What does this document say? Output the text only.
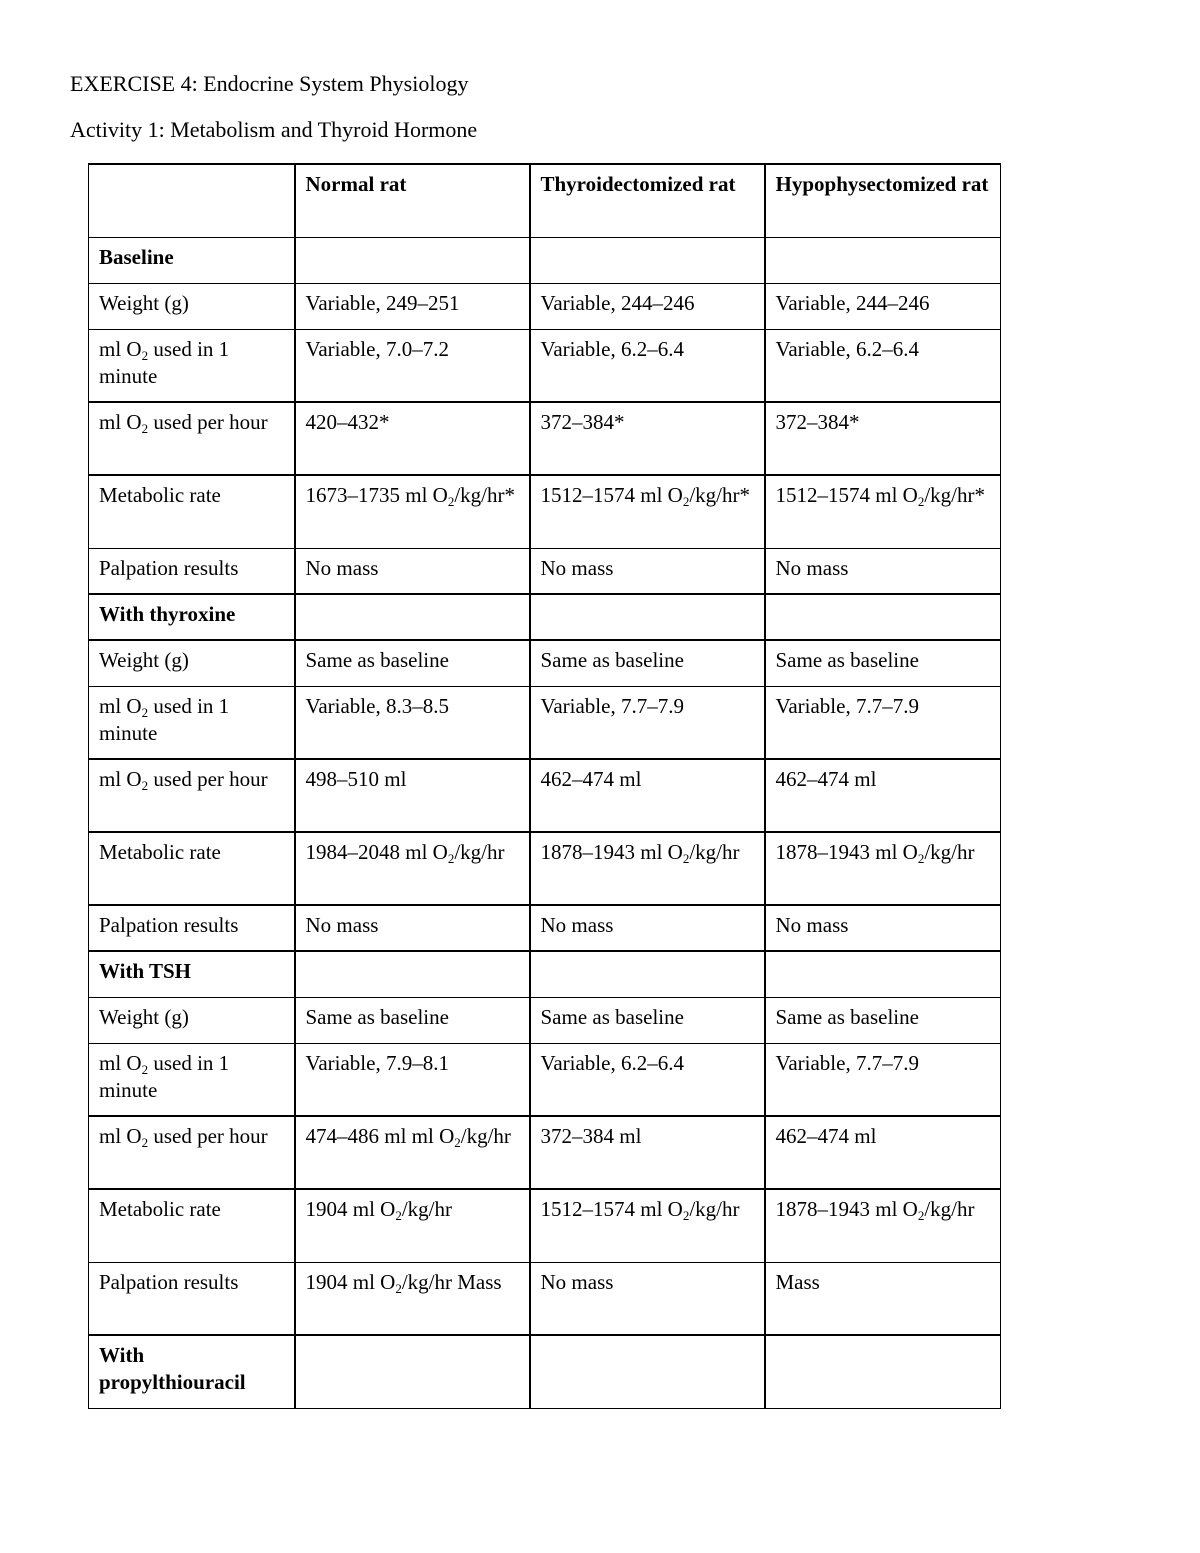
EXERCISE 4: Endocrine System Physiology
Activity 1: Metabolism and Thyroid Hormone
	Normal rat	Thyroidectomized rat	Hypophysectomized rat
Baseline			
Weight (g)	Variable, 249–251	Variable, 244–246	Variable, 244–246
ml $O_2$ used in 1 minute	Variable, 7.0–7.2	Variable, 6.2–6.4	Variable, 6.2–6.4
ml $O_2$ used per hour	420–432*	372–384*	372–384*
Metabolic rate	1673–1735 ml $O_2/kg/hr*$	1512–1574 ml $O_2/kg/hr*$	1512–1574 ml $O_2/kg/hr*$
Palpation results	No mass	No mass	No mass
With thyroxine			
Weight (g)	Same as baseline	Same as baseline	Same as baseline
ml $O_2$ used in 1 minute	Variable, 8.3–8.5	Variable, 7.7–7.9	Variable, 7.7–7.9
ml $O_2$ used per hour	498–510 ml	462–474 ml	462–474 ml
Metabolic rate	1984–2048 ml $O_2/kg/hr$	1878–1943 ml $O_2/kg/hr$	1878–1943 ml $O_2/kg/hr$
Palpation results	No mass	No mass	No mass
With TSH			
Weight (g)	Same as baseline	Same as baseline	Same as baseline
ml $O_2$ used in 1 minute	Variable, 7.9–8.1	Variable, 6.2–6.4	Variable, 7.7–7.9
ml $O_2$ used per hour	474–486 ml ml $O_2/kg/hr$	372–384 ml	462–474 ml
Metabolic rate	1904 ml $O_2/kg/hr$	1512–1574 ml $O_2/kg/hr$	1878–1943 ml $O_2/kg/hr$
Palpation results	1904 ml $O_2/kg/hr$ Mass	No mass	Mass
With propylthiouracil			
